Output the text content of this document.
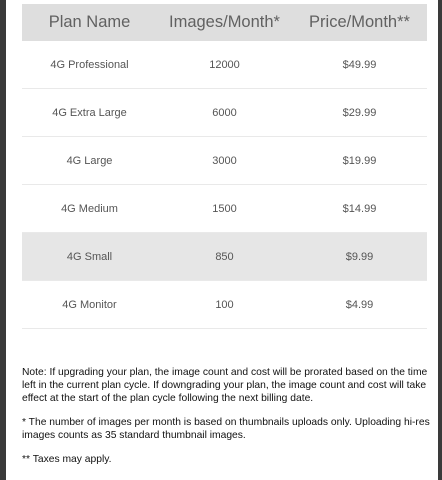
Plan Name	Images/Month*	Price/Month**
4G Professional	12000	$49.99
4G Extra Large	6000	$29.99
4G Large	3000	$19.99
4G Medium	1500	$14.99
4G Small	850	$9.99
4G Monitor	100	$4.99

Note: If upgrading your plan, the image count and cost will be prorated based on the time left in the current plan cycle. If downgrading your plan, the image count and cost will take effect at the start of the plan cycle following the next billing date.

* The number of images per month is based on thumbnails uploads only. Uploading hi-res images counts as 35 standard thumbnail images.

** Taxes may apply.
